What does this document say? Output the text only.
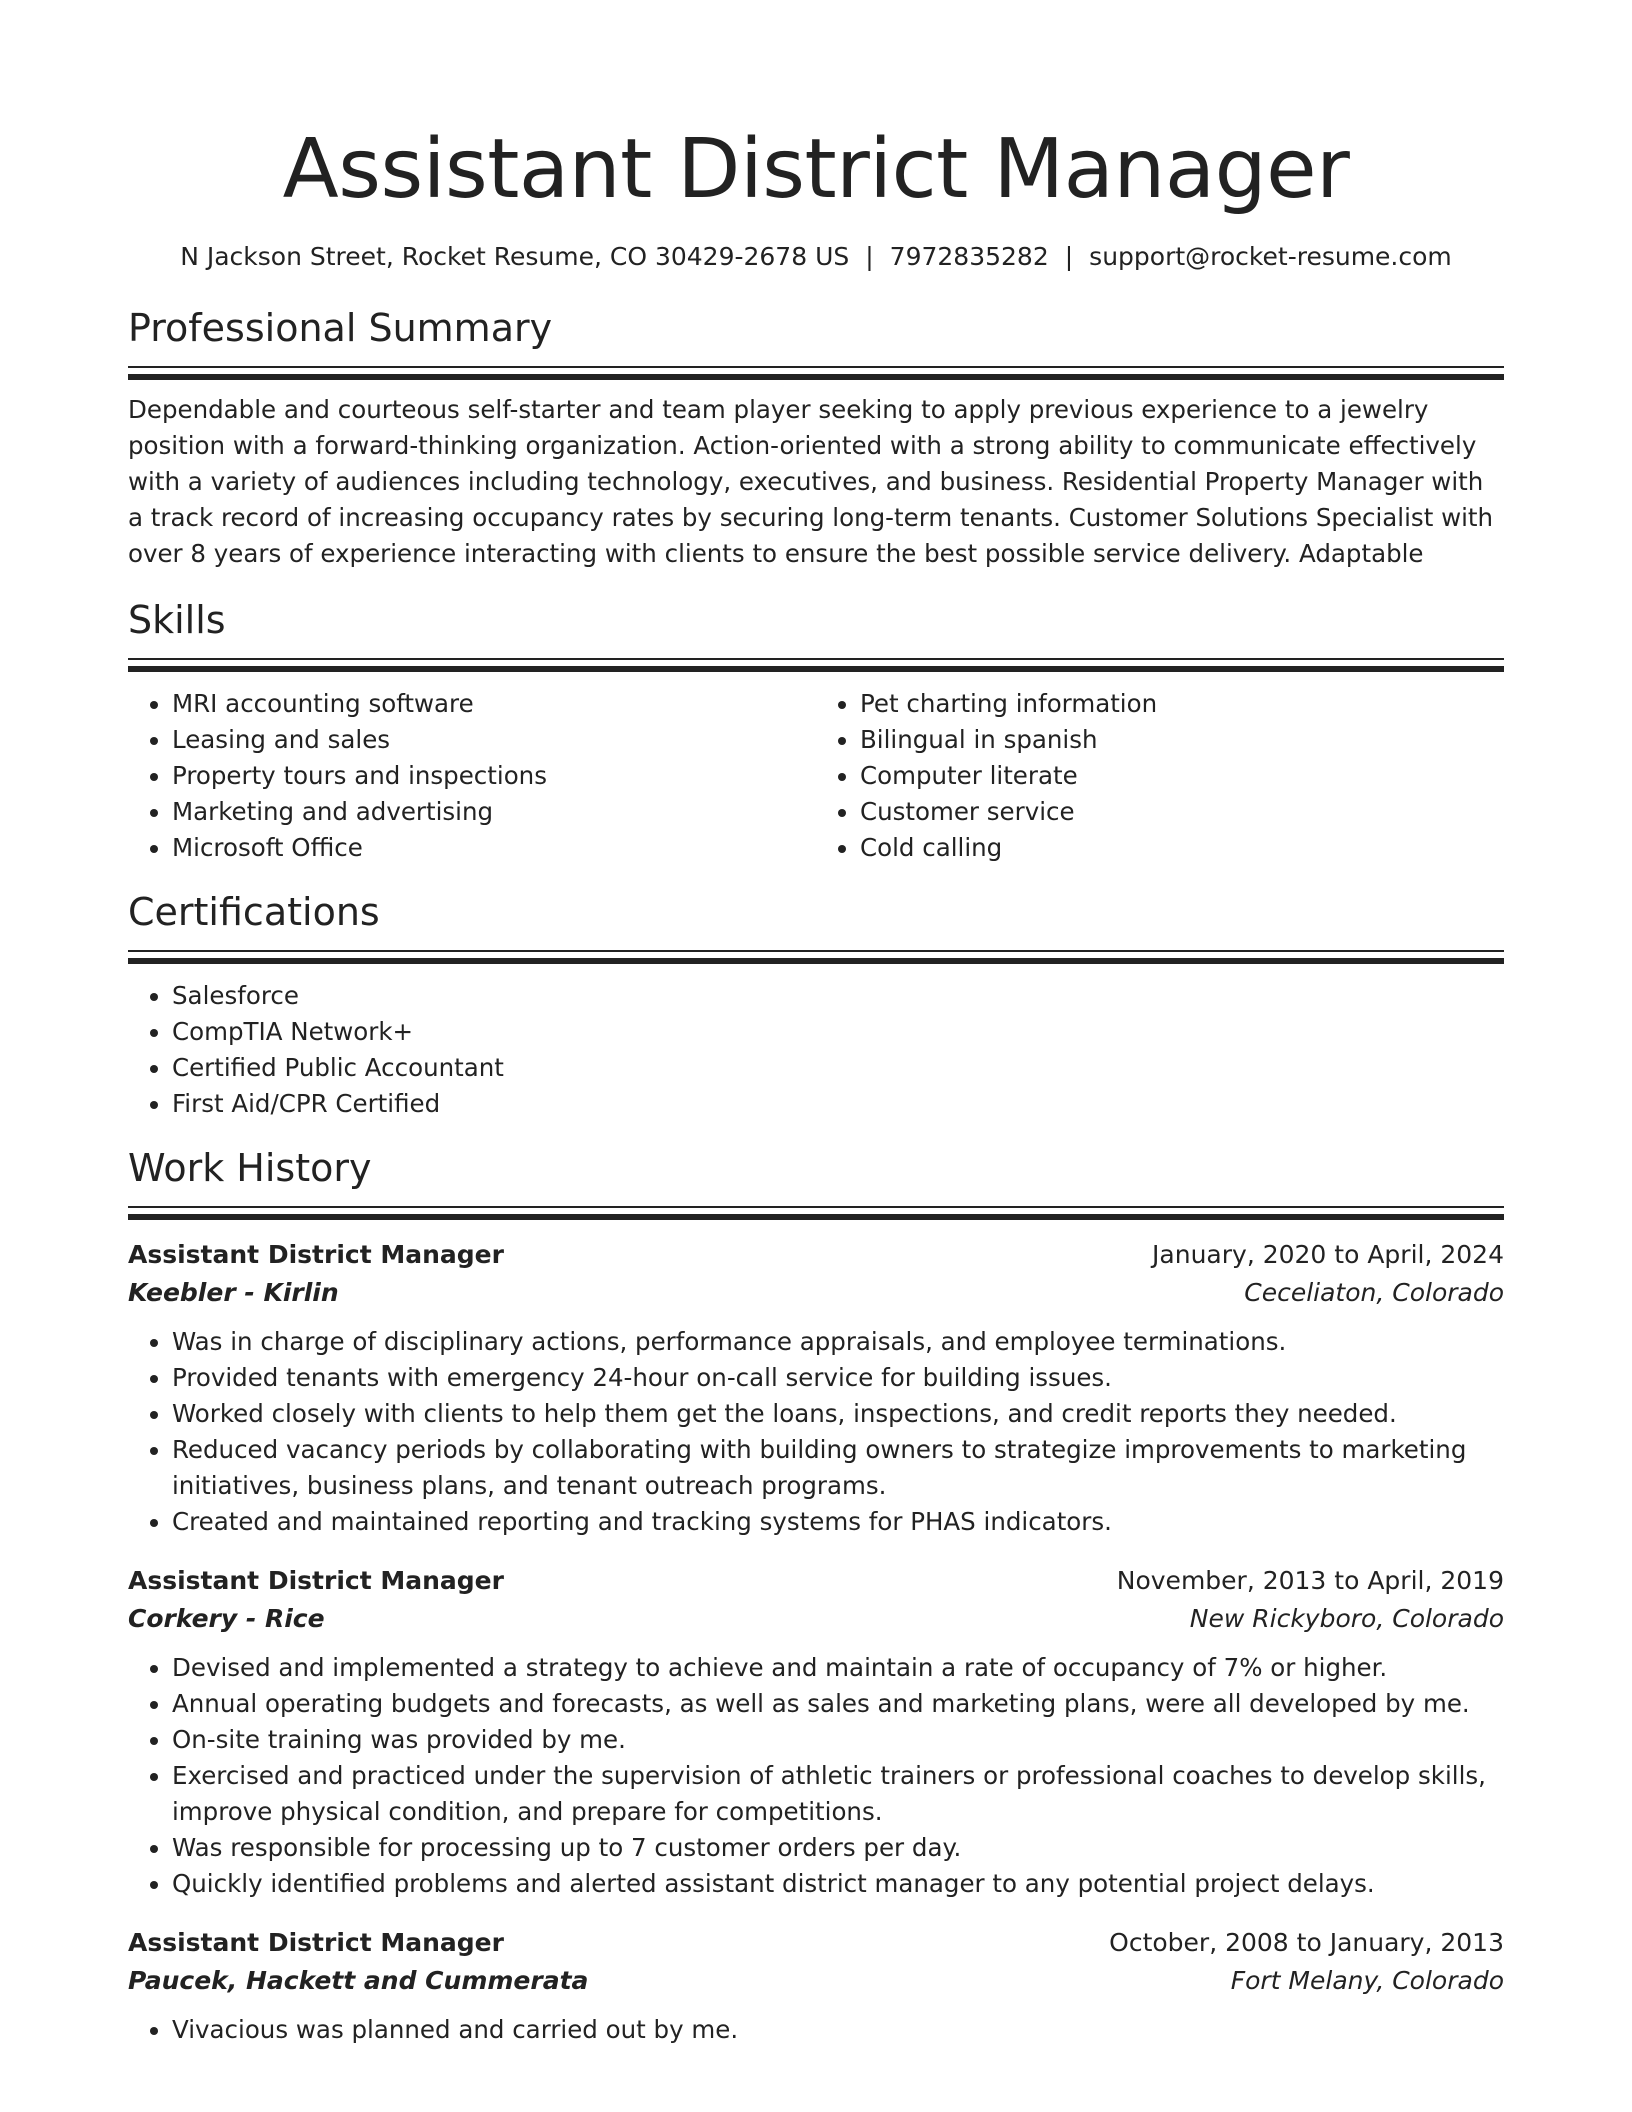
Assistant District Manager
N Jackson Street, Rocket Resume, CO 30429-2678 US | 7972835282 | support@rocket-resume.com
Professional Summary

Dependable and courteous self-starter and team player seeking to apply previous experience to a jewelry position with a forward-thinking organization. Action-oriented with a strong ability to communicate effectively with a variety of audiences including technology, executives, and business. Residential Property Manager with a track record of increasing occupancy rates by securing long-term tenants. Customer Solutions Specialist with over 8 years of experience interacting with clients to ensure the best possible service delivery. Adaptable

Skills
• MRI accounting software
• Leasing and sales
• Property tours and inspections
• Marketing and advertising
• Microsoft Office
• Pet charting information
• Bilingual in spanish
• Computer literate
• Customer service
• Cold calling
Certifications
• Salesforce
• CompTIA Network+
• Certified Public Accountant
• First Aid/CPR Certified
Work History
Assistant District Manager	January, 2020 to April, 2024
Keebler - Kirlin	Ceceliaton, Colorado
• Was in charge of disciplinary actions, performance appraisals, and employee terminations.
• Provided tenants with emergency 24-hour on-call service for building issues.
• Worked closely with clients to help them get the loans, inspections, and credit reports they needed.
• Reduced vacancy periods by collaborating with building owners to strategize improvements to marketing initiatives, business plans, and tenant outreach programs.
• Created and maintained reporting and tracking systems for PHAS indicators.
Assistant District Manager	November, 2013 to April, 2019
Corkery - Rice	New Rickyboro, Colorado
• Devised and implemented a strategy to achieve and maintain a rate of occupancy of 7% or higher.
• Annual operating budgets and forecasts, as well as sales and marketing plans, were all developed by me.
• On-site training was provided by me.
• Exercised and practiced under the supervision of athletic trainers or professional coaches to develop skills, improve physical condition, and prepare for competitions.
• Was responsible for processing up to 7 customer orders per day.
• Quickly identified problems and alerted assistant district manager to any potential project delays.
Assistant District Manager	October, 2008 to January, 2013
Paucek, Hackett and Cummerata	Fort Melany, Colorado
• Vivacious was planned and carried out by me.
